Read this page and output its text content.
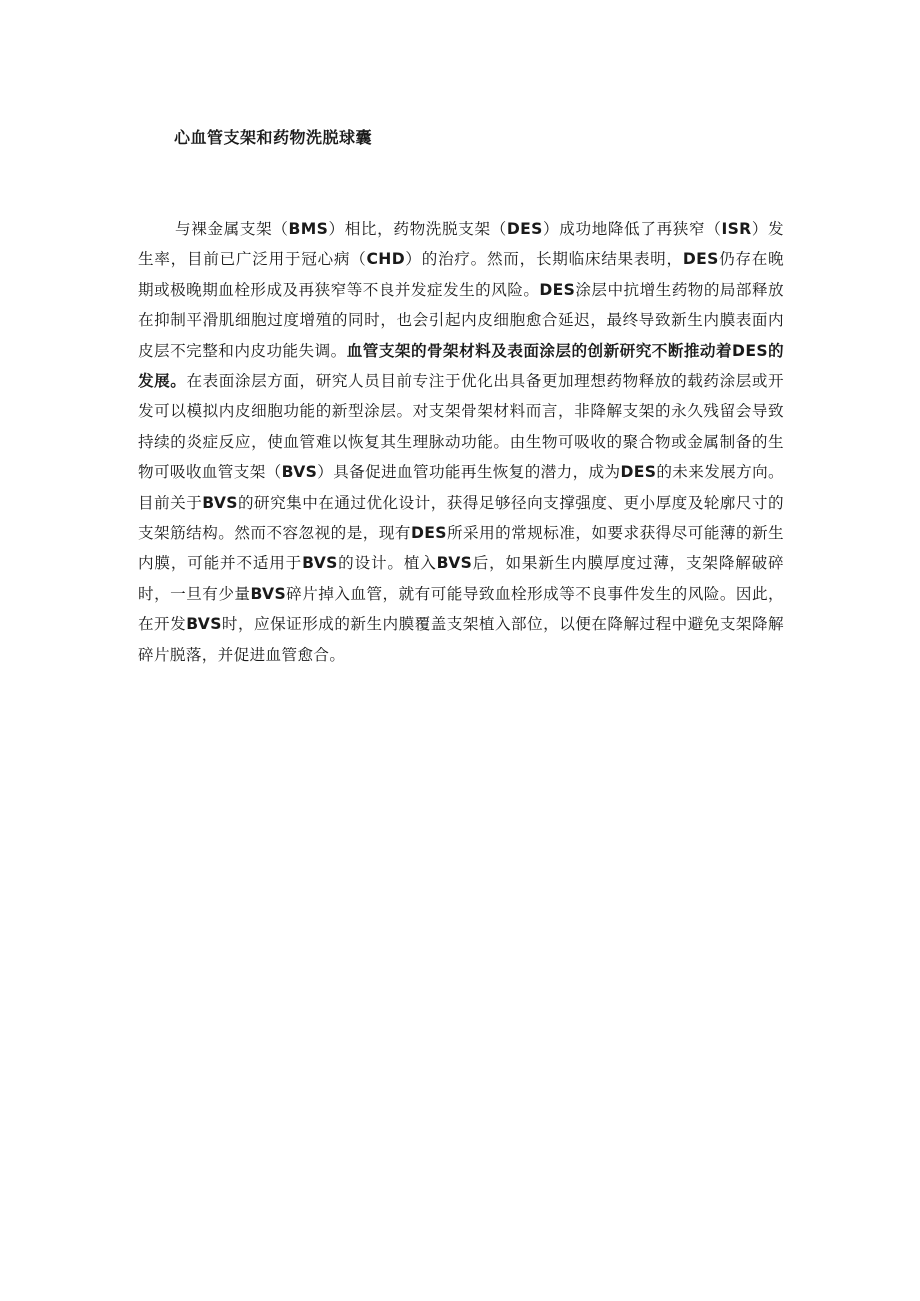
心血管支架和药物洗脱球囊

与裸金属支架（BMS）相比，药物洗脱支架（DES）成功地降低了再狭窄（ISR）发生率，目前已广泛用于冠心病（CHD）的治疗。然而，长期临床结果表明，DES仍存在晚期或极晚期血栓形成及再狭窄等不良并发症发生的风险。DES涂层中抗增生药物的局部释放在抑制平滑肌细胞过度增殖的同时，也会引起内皮细胞愈合延迟，最终导致新生内膜表面内皮层不完整和内皮功能失调。血管支架的骨架材料及表面涂层的创新研究不断推动着DES的发展。在表面涂层方面，研究人员目前专注于优化出具备更加理想药物释放的载药涂层或开发可以模拟内皮细胞功能的新型涂层。对支架骨架材料而言，非降解支架的永久残留会导致持续的炎症反应，使血管难以恢复其生理脉动功能。由生物可吸收的聚合物或金属制备的生物可吸收血管支架（BVS）具备促进血管功能再生恢复的潜力，成为DES的未来发展方向。目前关于BVS的研究集中在通过优化设计，获得足够径向支撑强度、更小厚度及轮廓尺寸的支架筋结构。然而不容忽视的是，现有DES所采用的常规标准，如要求获得尽可能薄的新生内膜，可能并不适用于BVS的设计。植入BVS后，如果新生内膜厚度过薄，支架降解破碎时，一旦有少量BVS碎片掉入血管，就有可能导致血栓形成等不良事件发生的风险。因此，在开发BVS时，应保证形成的新生内膜覆盖支架植入部位，以便在降解过程中避免支架降解碎片脱落，并促进血管愈合。
